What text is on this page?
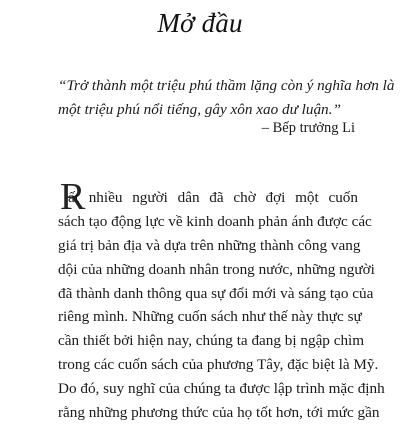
Mở đầu
“Trở thành một triệu phú thầm lặng còn ý nghĩa hơn là
một triệu phú nổi tiếng, gây xôn xao dư luận.”
– Bếp trưởng Li
R
ất nhiều người dân đã chờ đợi một cuốn
sách tạo động lực về kinh doanh phản ánh được các
giá trị bản địa và dựa trên những thành công vang
dội của những doanh nhân trong nước, những người
đã thành danh thông qua sự đổi mới và sáng tạo của
riêng mình. Những cuốn sách như thế này thực sự
cần thiết bởi hiện nay, chúng ta đang bị ngập chìm
trong các cuốn sách của phương Tây, đặc biệt là Mỹ.
Do đó, suy nghĩ của chúng ta được lập trình mặc định
rằng những phương thức của họ tốt hơn, tới mức gần
